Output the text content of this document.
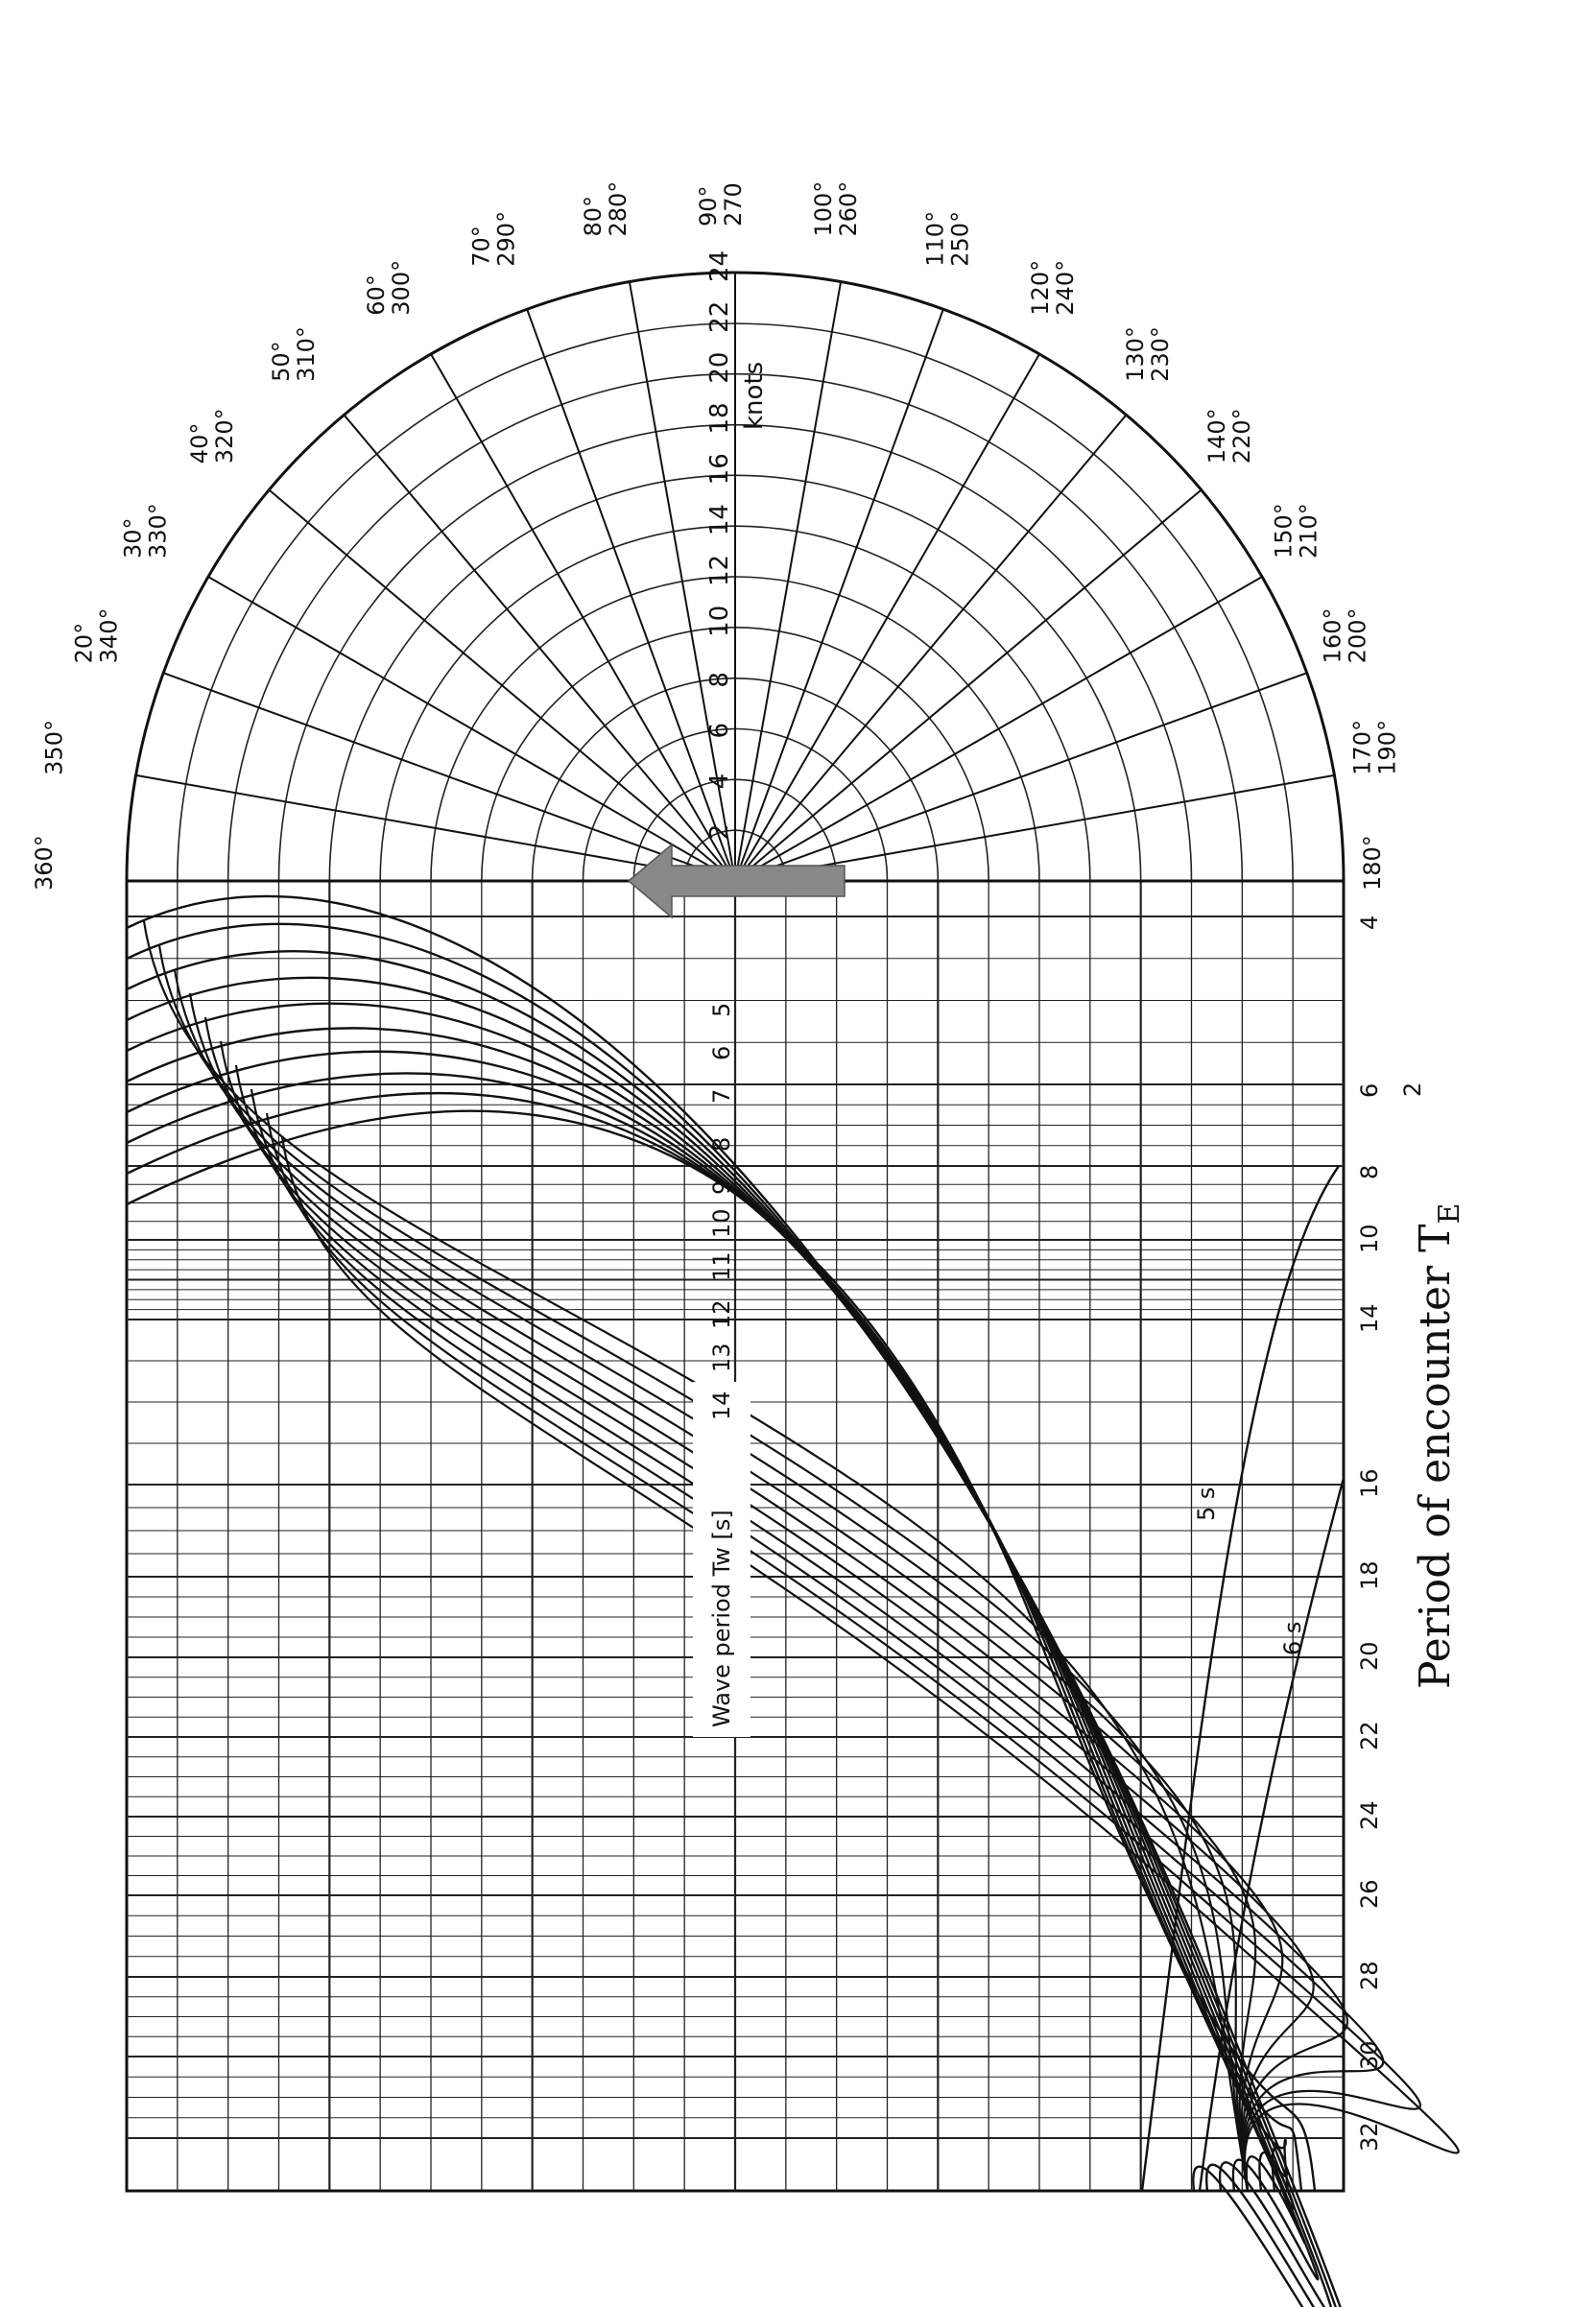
360°
350°
20°
340°
30°
330°
40°
320°
50°
310°
60°
300°
70°
290°	80°
280°	90°
270	100°
260°
110°
250°
120°
240°
130°
230°
140°
220°
150°
210°
160°
200°
170°
190°
180°
2
4
6
8
10
12
14
16
18
20
22
24
knots
4
6
8
10
14
16
18
20
22
24
26
28
30
32
2
Period of encounter $T_E$
Wave period Tw [s]
14
13
12
11
10
9
8
7
6
5
5 s
6 s
